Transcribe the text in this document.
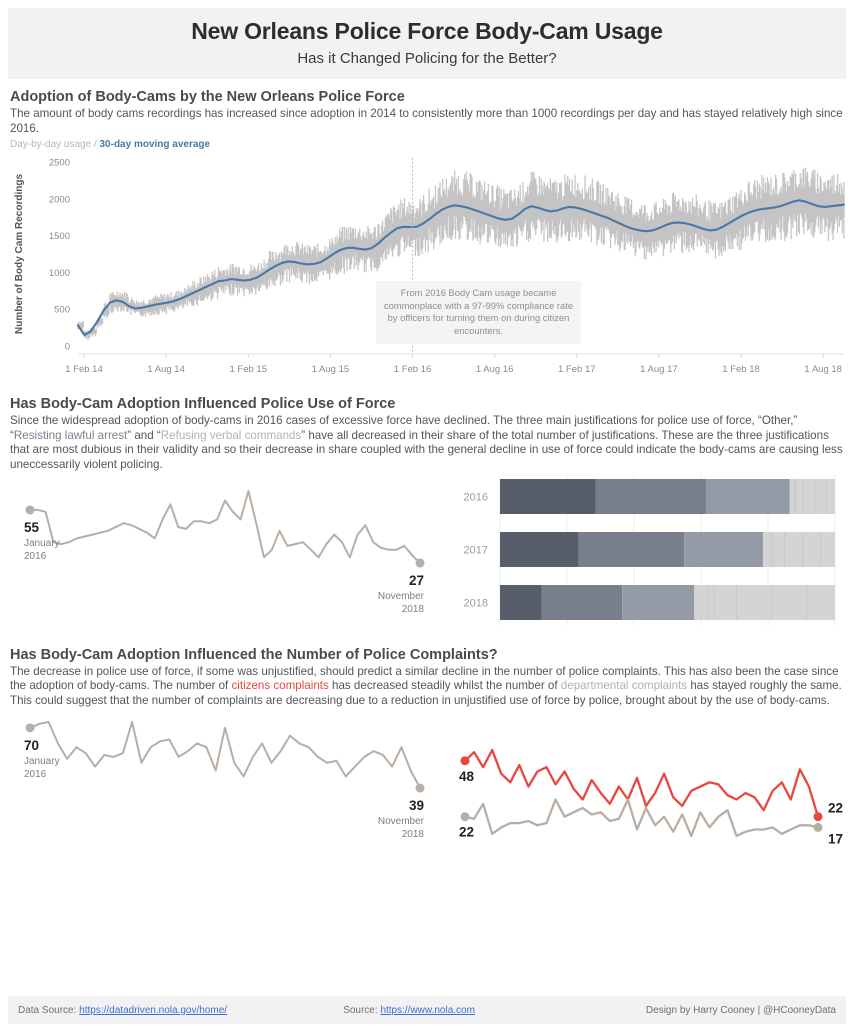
New Orleans Police Force Body-Cam Usage
Has it Changed Policing for the Better?
Adoption of Body-Cams by the New Orleans Police Force
The amount of body cams recordings has increased since adoption in 2014 to consistently more than 1000 recordings per day and has stayed relatively high since 2016.
Day-by-day usage / 30-day moving average
0
500
1000
1500
2000
2500
Number of Body Cam Recordings
1 Feb 14	1 Aug 14	1 Feb 15	1 Aug 15	1 Feb 16	1 Aug 16	1 Feb 17	1 Aug 17	1 Feb 18	1 Aug 18
From 2016 Body Cam usage became commonplace with a 97-99% compliance rate by officers for turning them on during citizen encounters.
Has Body-Cam Adoption Influenced Police Use of Force
Since the widespread adoption of body-cams in 2016 cases of excessive force have declined. The three main justifications for police use of force, “Other,” “Resisting lawful arrest” and “Refusing verbal commands” have all decreased in their share of the total number of justifications. These are the three justifications that are most dubious in their validity and so their decrease in share coupled with the general decline in use of force could indicate the body-cams are causing less uneccessarily violent policing.
55
January
2016
27
November
2018
2016
2017
2018
Has Body-Cam Adoption Influenced the Number of Police Complaints?
The decrease in police use of force, if some was unjustified, should predict a similar decline in the number of police complaints. This has also been the case since the adoption of body-cams. The number of citizens complaints has decreased steadily whilst the number of departmental complaints has stayed roughly the same. This could suggest that the number of complaints are decreasing due to a reduction in unjustified use of force by police, brought about by the use of body-cams.
70
January
2016
39
November
2018
48
22
22
17
Data Source: https://datadriven.nola.gov/home/	Source: https://www.nola.com	Design by Harry Cooney | @HCooneyData
